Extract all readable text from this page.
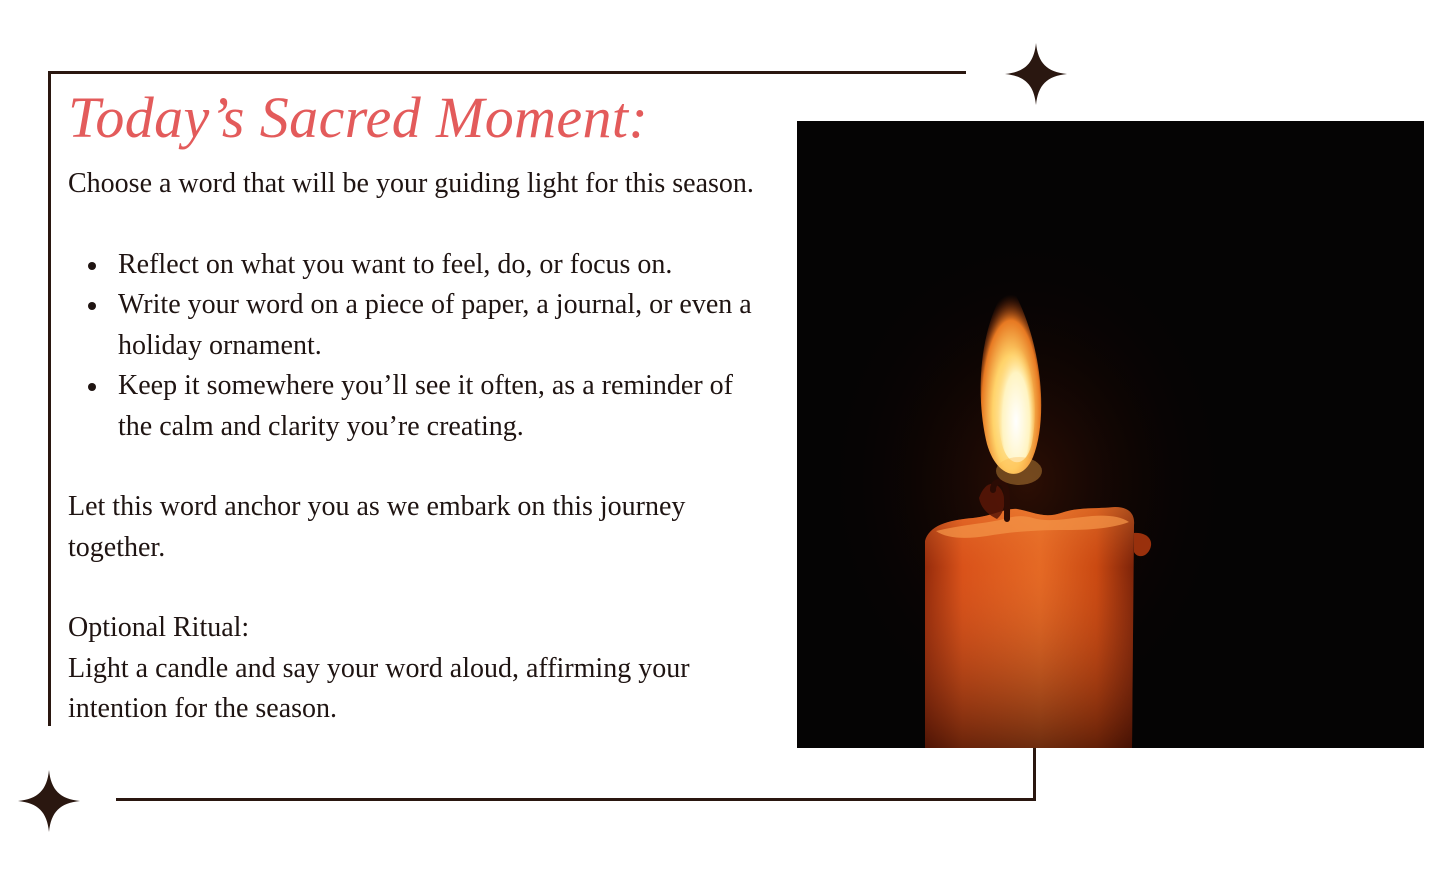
Today’s Sacred Moment:

Choose a word that will be your guiding light for this season.

Reflect on what you want to feel, do, or focus on.
Write your word on a piece of paper, a journal, or even a holiday ornament.
Keep it somewhere you’ll see it often, as a reminder of the calm and clarity you’re creating.

Let this word anchor you as we embark on this journey together.

Optional Ritual:
Light a candle and say your word aloud, affirming your intention for the season.
